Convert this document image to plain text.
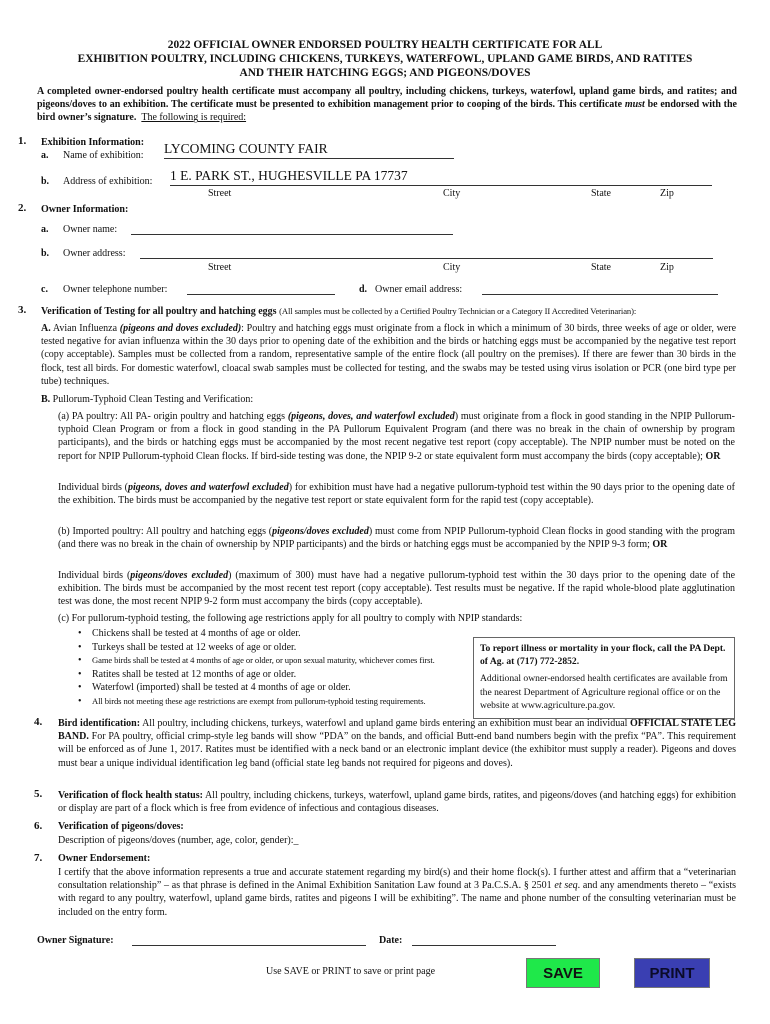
2022 OFFICIAL OWNER ENDORSED POULTRY HEALTH CERTIFICATE FOR ALL
EXHIBITION POULTRY, INCLUDING CHICKENS, TURKEYS, WATERFOWL, UPLAND GAME BIRDS, AND RATITES
AND THEIR HATCHING EGGS; AND PIGEONS/DOVES
A completed owner-endorsed poultry health certificate must accompany all poultry, including chickens, turkeys, waterfowl, upland game birds, and ratites; and pigeons/doves to an exhibition. The certificate must be presented to exhibition management prior to cooping of the birds. This certificate must be endorsed with the bird owner’s signature. The following is required:
1. Exhibition Information:
a. Name of exhibition: LYCOMING COUNTY FAIR
b. Address of exhibition: 1 E. PARK ST., HUGHESVILLE PA 17737
Street	City	State	Zip
2. Owner Information:
a. Owner name:
b. Owner address:
Street	City	State	Zip
c. Owner telephone number:	d. Owner email address:
3. Verification of Testing for all poultry and hatching eggs (All samples must be collected by a Certified Poultry Technician or a Category II Accredited Veterinarian):
A. Avian Influenza (pigeons and doves excluded): Poultry and hatching eggs must originate from a flock in which a minimum of 30 birds, three weeks of age or older, were tested negative for avian influenza within the 30 days prior to opening date of the exhibition and the birds or hatching eggs must be accompanied by the negative test report (copy acceptable). Samples must be collected from a random, representative sample of the entire flock (all poultry on the premises). If there are fewer than 30 birds in the flock, test all birds. For domestic waterfowl, cloacal swab samples must be collected for testing, and the swabs may be tested using virus isolation or PCR (one bird type per tube) techniques.
B. Pullorum-Typhoid Clean Testing and Verification:
(a) PA poultry: All PA- origin poultry and hatching eggs (pigeons, doves, and waterfowl excluded) must originate from a flock in good standing in the NPIP Pullorum-typhoid Clean Program or from a flock in good standing in the PA Pullorum Equivalent Program (and there was no break in the chain of ownership by program participants), and the birds or hatching eggs must be accompanied by the most recent negative test report (copy acceptable). The NPIP number must be noted on the report for NPIP Pullorum-typhoid Clean flocks. If bird-side testing was done, the NPIP 9-2 or state equivalent form must accompany the birds (copy acceptable); OR
Individual birds (pigeons, doves and waterfowl excluded) for exhibition must have had a negative pullorum-typhoid test within the 90 days prior to the opening date of the exhibition. The birds must be accompanied by the negative test report or state equivalent form for the rapid test (copy acceptable).
(b) Imported poultry: All poultry and hatching eggs (pigeons/doves excluded) must come from NPIP Pullorum-typhoid Clean flocks in good standing with the program (and there was no break in the chain of ownership by NPIP participants) and the birds or hatching eggs must be accompanied by the NPIP 9-3 form; OR
Individual birds (pigeons/doves excluded) (maximum of 300) must have had a negative pullorum-typhoid test within the 30 days prior to the opening date of the exhibition. The birds must be accompanied by the most recent test report (copy acceptable). Test results must be negative. If the rapid whole-blood plate agglutination test was done, the most recent NPIP 9-2 form must accompany the birds (copy acceptable).
(c) For pullorum-typhoid testing, the following age restrictions apply for all poultry to comply with NPIP standards:
• Chickens shall be tested at 4 months of age or older.
• Turkeys shall be tested at 12 weeks of age or older.
• Game birds shall be tested at 4 months of age or older, or upon sexual maturity, whichever comes first.
• Ratites shall be tested at 12 months of age or older.
• Waterfowl (imported) shall be tested at 4 months of age or older.
• All birds not meeting these age restrictions are exempt from pullorum-typhoid testing requirements.
To report illness or mortality in your flock, call the PA Dept. of Ag. at (717) 772-2852.
Additional owner-endorsed health certificates are available from the nearest Department of Agriculture regional office or on the website at www.agriculture.pa.gov.
4. Bird identification: All poultry, including chickens, turkeys, waterfowl and upland game birds entering an exhibition must bear an individual OFFICIAL STATE LEG BAND. For PA poultry, official crimp-style leg bands will show “PDA” on the bands, and official Butt-end band numbers begin with the prefix “PA”. This requirement will be enforced as of June 1, 2017. Ratites must be identified with a neck band or an electronic implant device (the exhibitor must supply a reader). Pigeons and doves must bear a unique individual identification leg band (official state leg bands not required for pigeons and doves).
5. Verification of flock health status: All poultry, including chickens, turkeys, waterfowl, upland game birds, ratites, and pigeons/doves (and hatching eggs) for exhibition or display are part of a flock which is free from evidence of infectious and contagious diseases.
6. Verification of pigeons/doves:
Description of pigeons/doves (number, age, color, gender):_
7. Owner Endorsement:
I certify that the above information represents a true and accurate statement regarding my bird(s) and their home flock(s). I further attest and affirm that a “veterinarian consultation relationship” – as that phrase is defined in the Animal Exhibition Sanitation Law found at 3 Pa.C.S.A. § 2501 et seq. and any amendments thereto – “exists with regard to any poultry, waterfowl, upland game birds, ratites and pigeons I will be exhibiting”. The name and phone number of the consulting veterinarian must be included on the entry form.
Owner Signature:	Date:
Use SAVE or PRINT to save or print page	SAVE	PRINT
